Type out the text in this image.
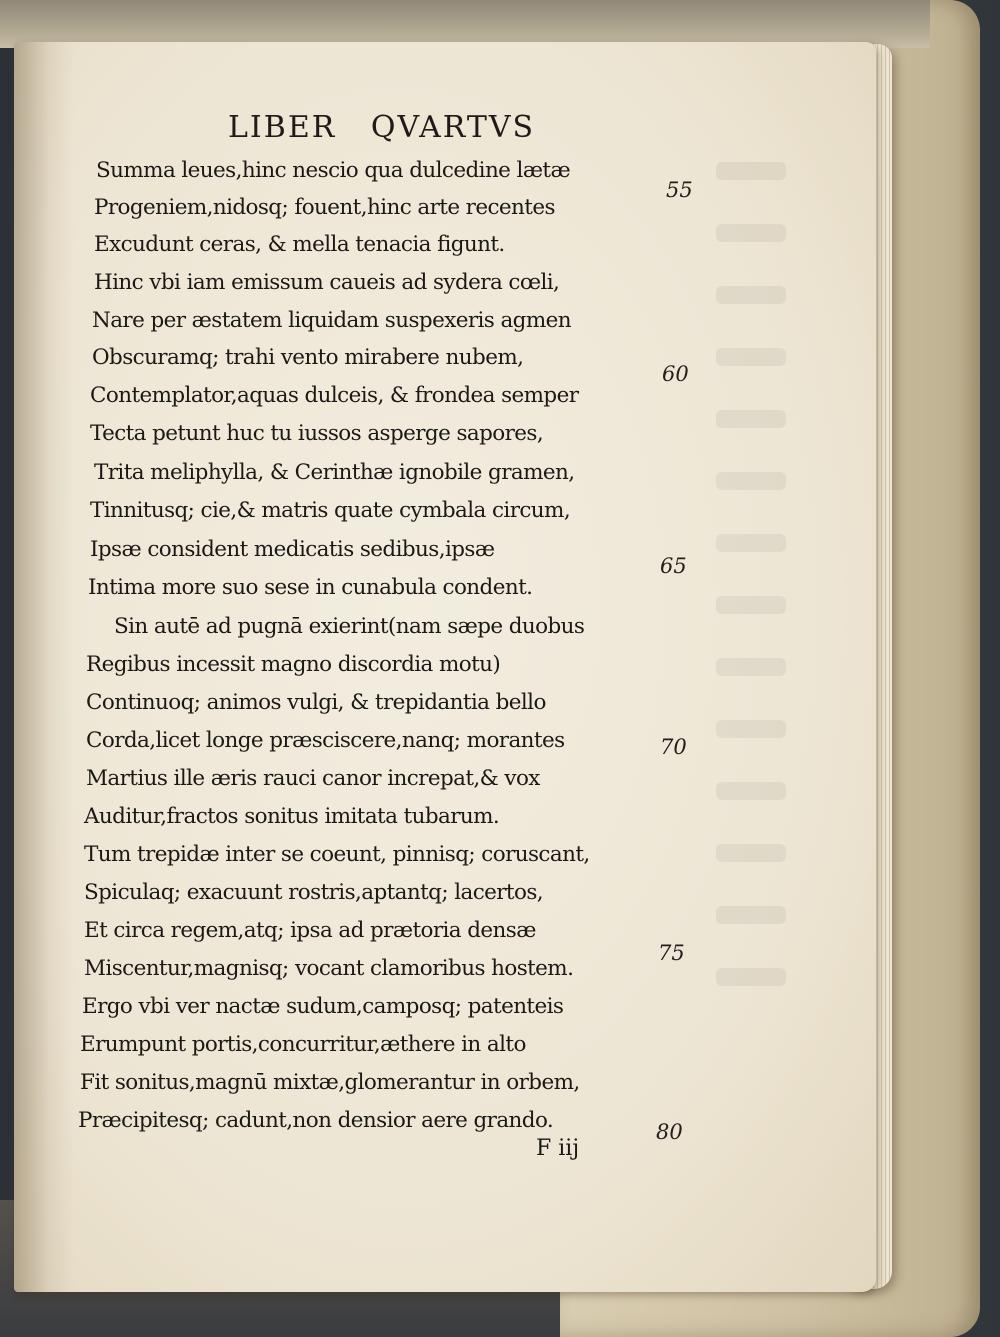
LIBER   QVARTVS
Summa leues,hinc nescio qua dulcedine lætæ
Progeniem,nidosq; fouent,hinc arte recentes
Excudunt ceras, & mella tenacia figunt.
Hinc vbi iam emissum caueis ad sydera cœli,
Nare per æstatem liquidam suspexeris agmen
Obscuramq; trahi vento mirabere nubem,
Contemplator,aquas dulceis, & frondea semper
Tecta petunt huc tu iussos asperge sapores,
Trita meliphylla, & Cerinthæ ignobile gramen,
Tinnitusq; cie,& matris quate cymbala circum,
Ipsæ consident medicatis sedibus,ipsæ
Intima more suo sese in cunabula condent.
Sin autē ad pugnā exierint(nam sæpe duobus
Regibus incessit magno discordia motu)
Continuoq; animos vulgi, & trepidantia bello
Corda,licet longe præsciscere,nanq; morantes
Martius ille æris rauci canor increpat,& vox
Auditur,fractos sonitus imitata tubarum.
Tum trepidæ inter se coeunt, pinnisq; coruscant,
Spiculaq; exacuunt rostris,aptantq; lacertos,
Et circa regem,atq; ipsa ad prætoria densæ
Miscentur,magnisq; vocant clamoribus hostem.
Ergo vbi ver nactæ sudum,camposq; patenteis
Erumpunt portis,concurritur,æthere in alto
Fit sonitus,magnū mixtæ,glomerantur in orbem,
Præcipitesq; cadunt,non densior aere grando.
55
60
65
70
75
80
F iij
